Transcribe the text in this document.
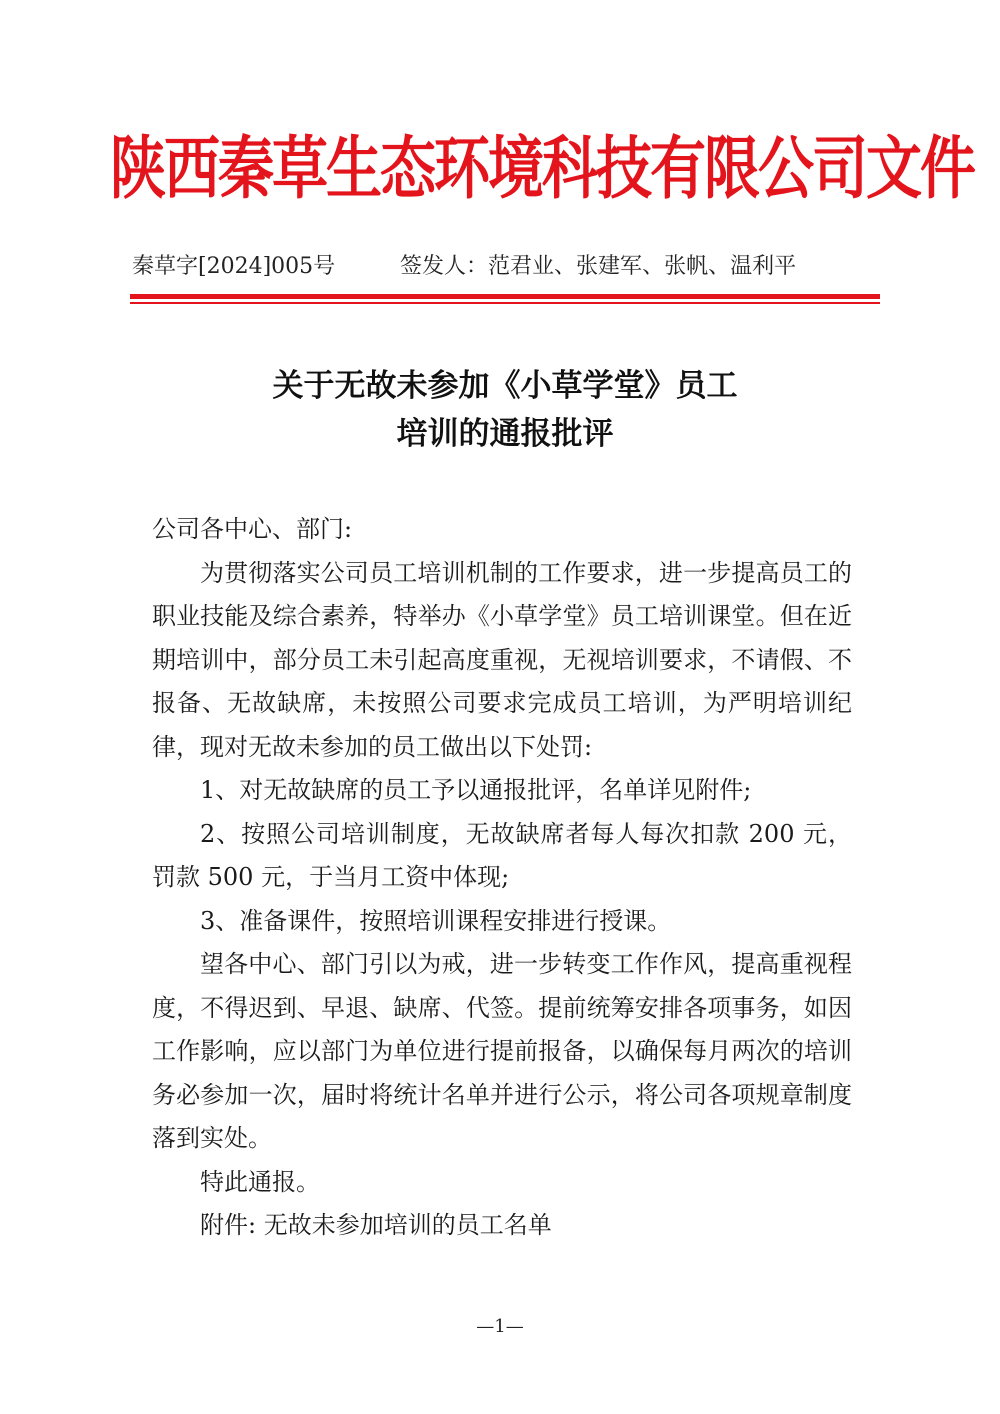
陕西秦草生态环境科技有限公司文件
秦草字[2024]005号	签发人：范君业、张建军、张帆、温利平
关于无故未参加《小草学堂》员工
培训的通报批评

公司各中心、部门:

为贯彻落实公司员工培训机制的工作要求，进一步提高员工的职业技能及综合素养，特举办《小草学堂》员工培训课堂。但在近期培训中，部分员工未引起高度重视，无视培训要求，不请假、不报备、无故缺席，未按照公司要求完成员工培训，为严明培训纪律，现对无故未参加的员工做出以下处罚:

1、对无故缺席的员工予以通报批评，名单详见附件;

2、按照公司培训制度，无故缺席者每人每次扣款 200 元，罚款 500 元，于当月工资中体现;

3、准备课件，按照培训课程安排进行授课。

望各中心、部门引以为戒，进一步转变工作作风，提高重视程度，不得迟到、早退、缺席、代签。提前统筹安排各项事务，如因工作影响，应以部门为单位进行提前报备，以确保每月两次的培训务必参加一次，届时将统计名单并进行公示，将公司各项规章制度落到实处。

特此通报。

附件: 无故未参加培训的员工名单

—1—
